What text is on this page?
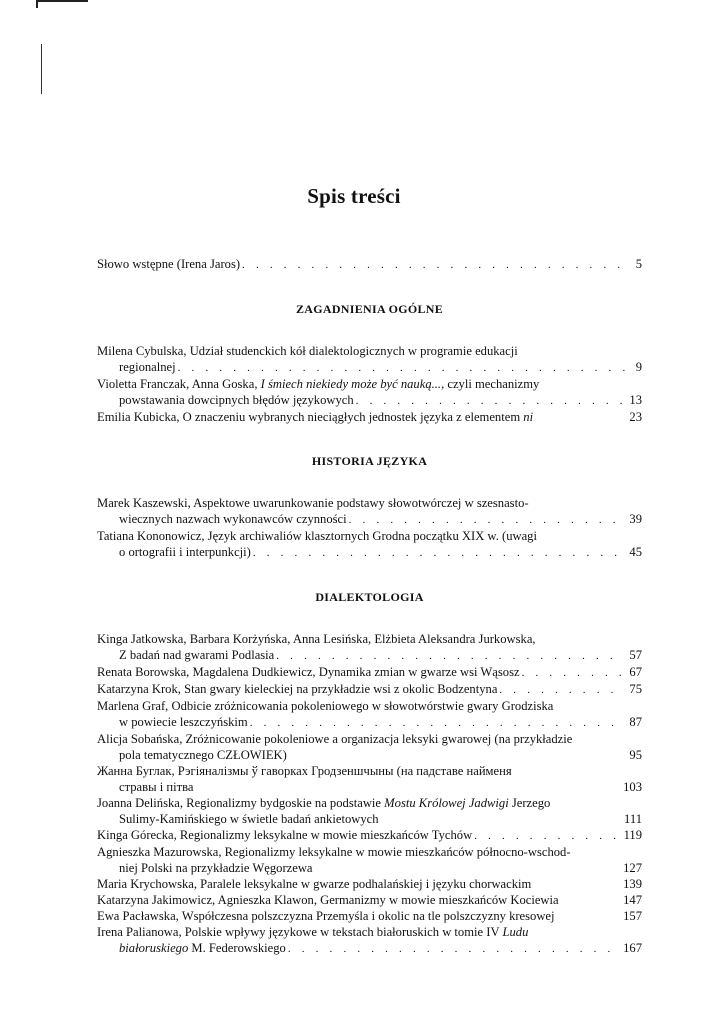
Spis treści
Słowo wstępne (Irena Jaros) . . .	5
ZAGADNIENIA OGÓLNE
Milena Cybulska, Udział studenckich kół dialektologicznych w programie edukacji
regionalnej . . .	9
Violetta Franczak, Anna Goska, I śmiech niekiedy może być nauką..., czyli mechanizmy
powstawania dowcipnych błędów językowych . . .	13
Emilia Kubicka, O znaczeniu wybranych nieciągłych jednostek języka z elementem ni	23
HISTORIA JĘZYKA
Marek Kaszewski, Aspektowe uwarunkowanie podstawy słowotwórczej w szesnasto-
wiecznych nazwach wykonawców czynności . . .	39
Tatiana Kononowicz, Język archiwaliów klasztornych Grodna początku XIX w. (uwagi
o ortografii i interpunkcji) . . .	45
DIALEKTOLOGIA
Kinga Jatkowska, Barbara Korżyńska, Anna Lesińska, Elżbieta Aleksandra Jurkowska,
Z badań nad gwarami Podlasia . . .	57
Renata Borowska, Magdalena Dudkiewicz, Dynamika zmian w gwarze wsi Wąsosz . . .	67
Katarzyna Krok, Stan gwary kieleckiej na przykładzie wsi z okolic Bodzentyna . . .	75
Marlena Graf, Odbicie zróżnicowania pokoleniowego w słowotwórstwie gwary Grodziska
w powiecie leszczyńskim . . .	87
Alicja Sobańska, Zróżnicowanie pokoleniowe a organizacja leksyki gwarowej (na przykładzie
pola tematycznego CZŁOWIEK)	95
Жанна Буглак, Рэгіяналізмы ў гаворках Гродзеншчыны (на падставе найменя
стравы і пітва	103
Joanna Delińska, Regionalizmy bydgoskie na podstawie Mostu Królowej Jadwigi Jerzego
Sulimy-Kamińskiego w świetle badań ankietowych	111
Kinga Górecka, Regionalizmy leksykalne w mowie mieszkańców Tychów . . .	119
Agnieszka Mazurowska, Regionalizmy leksykalne w mowie mieszkańców północno-wschod-
niej Polski na przykładzie Węgorzewa	127
Maria Krychowska, Paralele leksykalne w gwarze podhalańskiej i języku chorwackim	139
Katarzyna Jakimowicz, Agnieszka Klawon, Germanizmy w mowie mieszkańców Kociewia	147
Ewa Pacławska, Współczesna polszczyzna Przemyśla i okolic na tle polszczyzny kresowej	157
Irena Palianowa, Polskie wpływy językowe w tekstach białoruskich w tomie IV Ludu
białoruskiego M. Federowskiego . . .	167
